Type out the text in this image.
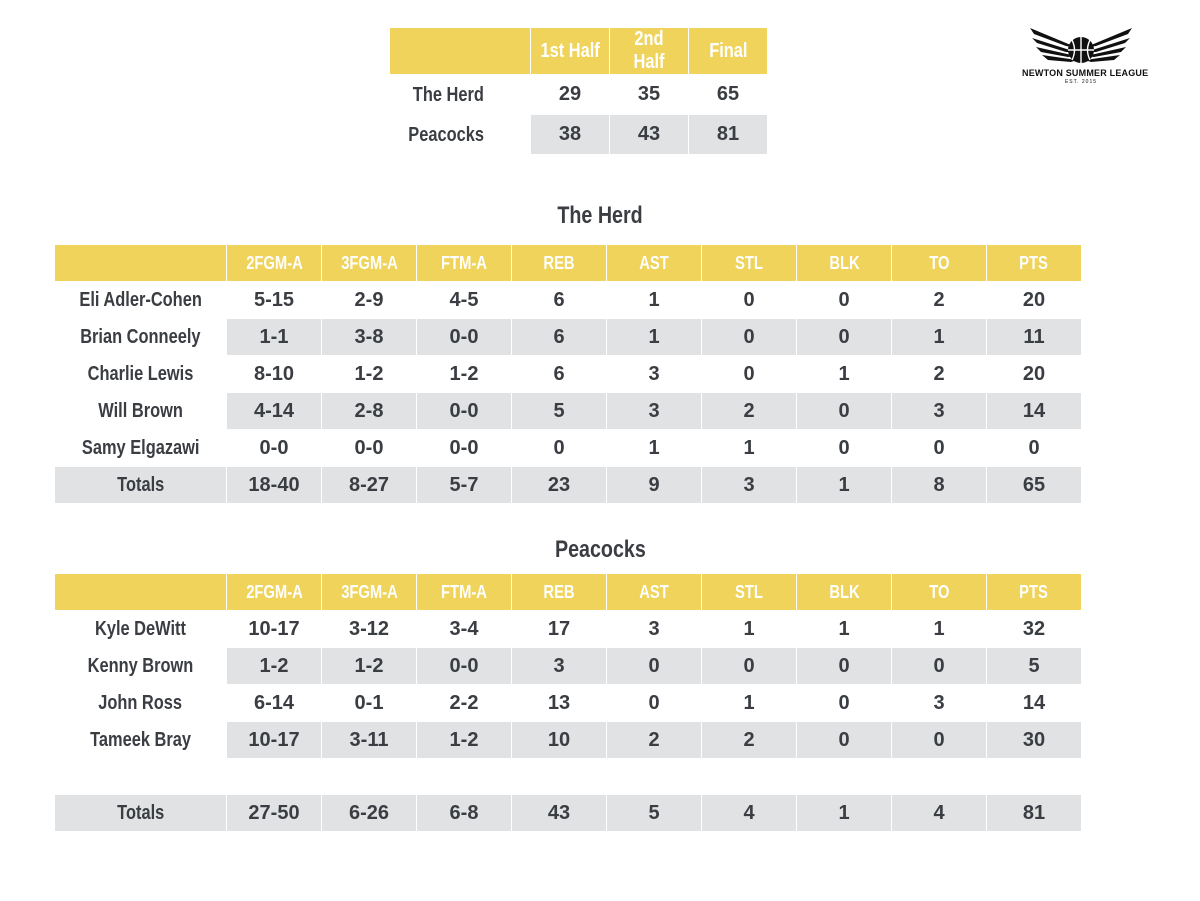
	1st Half	2nd Half	Final
The Herd	29	35	65
Peacocks	38	43	81
NEWTON SUMMER LEAGUE
EST. 2015
The Herd
	2FGM-A	3FGM-A	FTM-A	REB	AST	STL	BLK	TO	PTS
Eli Adler-Cohen	5-15	2-9	4-5	6	1	0	0	2	20
Brian Conneely	1-1	3-8	0-0	6	1	0	0	1	11
Charlie Lewis	8-10	1-2	1-2	6	3	0	1	2	20
Will Brown	4-14	2-8	0-0	5	3	2	0	3	14
Samy Elgazawi	0-0	0-0	0-0	0	1	1	0	0	0
Totals	18-40	8-27	5-7	23	9	3	1	8	65
Peacocks
	2FGM-A	3FGM-A	FTM-A	REB	AST	STL	BLK	TO	PTS
Kyle DeWitt	10-17	3-12	3-4	17	3	1	1	1	32
Kenny Brown	1-2	1-2	0-0	3	0	0	0	0	5
John Ross	6-14	0-1	2-2	13	0	1	0	3	14
Tameek Bray	10-17	3-11	1-2	10	2	2	0	0	30

Totals	27-50	6-26	6-8	43	5	4	1	4	81
